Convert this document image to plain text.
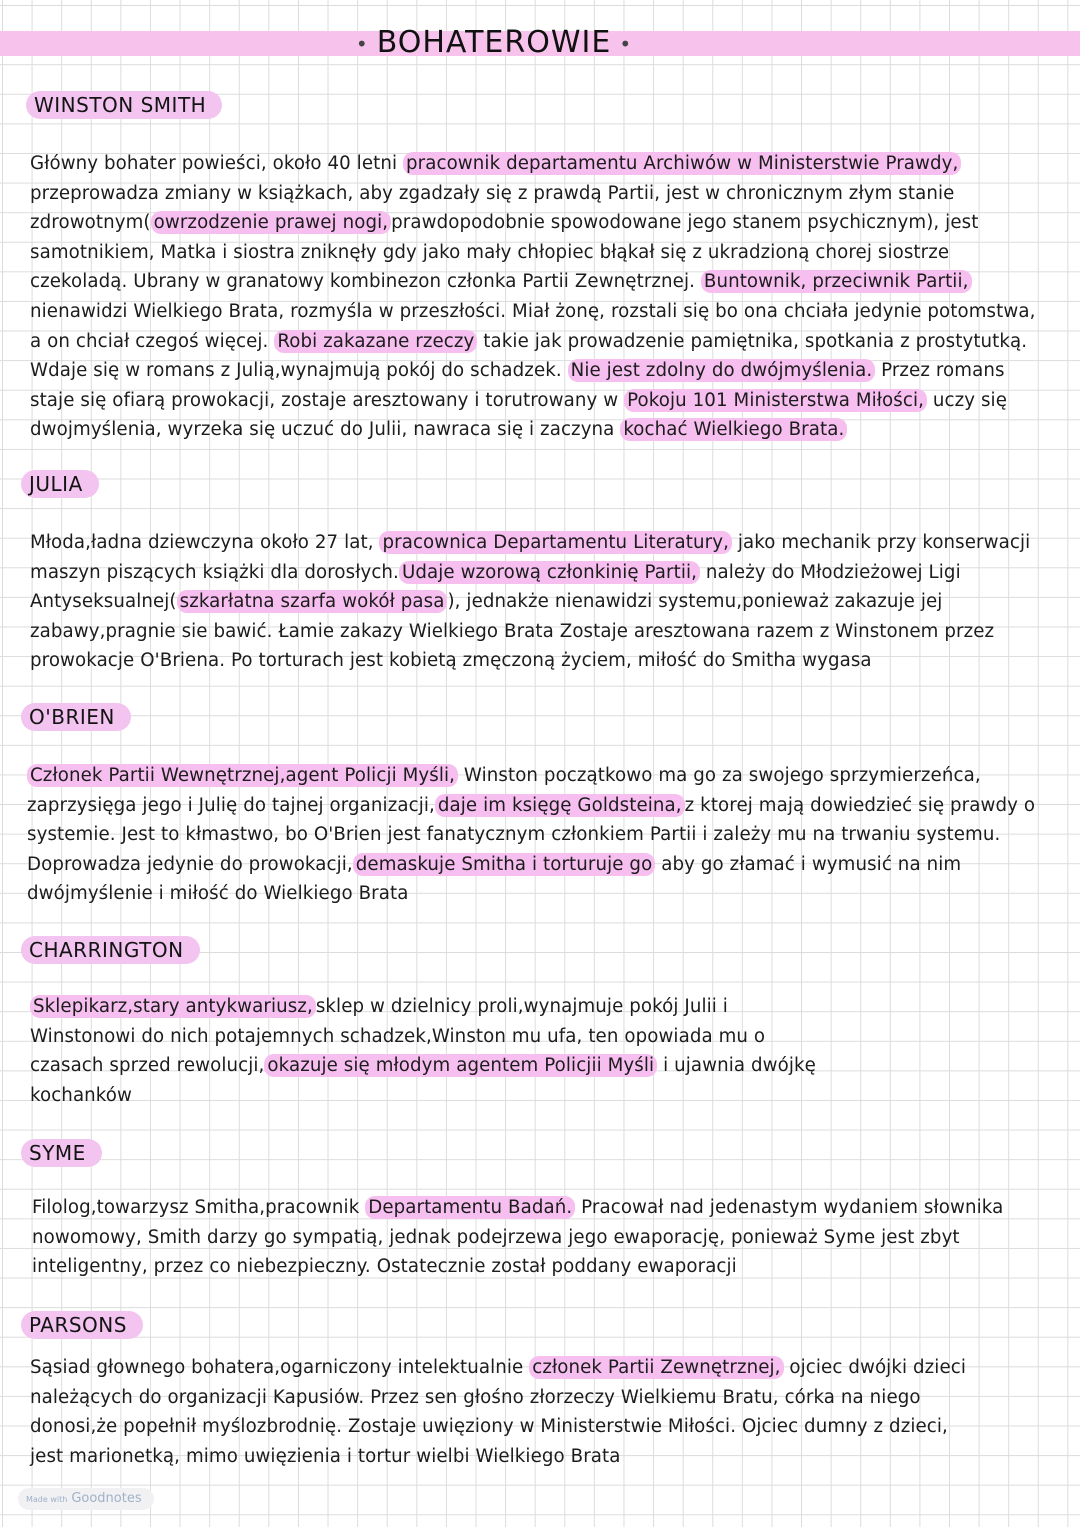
• BOHATEROWIE •
WINSTON SMITH
Główny bohater powieści, około 40 letni pracownik departamentu Archiwów w Ministerstwie Prawdy,
przeprowadza zmiany w książkach, aby zgadzały się z prawdą Partii, jest w chronicznym złym stanie
zdrowotnym( owrzodzenie prawej nogi, prawdopodobnie spowodowane jego stanem psychicznym), jest
samotnikiem, Matka i siostra zniknęły gdy jako mały chłopiec błąkał się z ukradzioną chorej siostrze
czekoladą. Ubrany w granatowy kombinezon członka Partii Zewnętrznej. Buntownik, przeciwnik Partii,
nienawidzi Wielkiego Brata, rozmyśla w przeszłości. Miał żonę, rozstali się bo ona chciała jedynie potomstwa,
a on chciał czegoś więcej. Robi zakazane rzeczy takie jak prowadzenie pamiętnika, spotkania z prostytutką.
Wdaje się w romans z Julią,wynajmują pokój do schadzek. Nie jest zdolny do dwójmyślenia. Przez romans
staje się ofiarą prowokacji, zostaje aresztowany i torutrowany w Pokoju 101 Ministerstwa Miłości, uczy się
dwojmyślenia, wyrzeka się uczuć do Julii, nawraca się i zaczyna kochać Wielkiego Brata.
JULIA
Młoda,ładna dziewczyna około 27 lat, pracownica Departamentu Literatury, jako mechanik przy konserwacji
maszyn piszących książki dla dorosłych. Udaje wzorową członkinię Partii, należy do Młodzieżowej Ligi
Antyseksualnej( szkarłatna szarfa wokół pasa ), jednakże nienawidzi systemu,ponieważ zakazuje jej
zabawy,pragnie sie bawić. Łamie zakazy Wielkiego Brata Zostaje aresztowana razem z Winstonem przez
prowokacje O'Briena. Po torturach jest kobietą zmęczoną życiem, miłość do Smitha wygasa
O'BRIEN
Członek Partii Wewnętrznej,agent Policji Myśli, Winston początkowo ma go za swojego sprzymierzeńca,
zaprzysięga jego i Julię do tajnej organizacji, daje im księgę Goldsteina, z ktorej mają dowiedzieć się prawdy o
systemie. Jest to kłmastwo, bo O'Brien jest fanatycznym członkiem Partii i zależy mu na trwaniu systemu.
Doprowadza jedynie do prowokacji, demaskuje Smitha i torturuje go aby go złamać i wymusić na nim
dwójmyślenie i miłość do Wielkiego Brata
CHARRINGTON
Sklepikarz,stary antykwariusz, sklep w dzielnicy proli,wynajmuje pokój Julii i
Winstonowi do nich potajemnych schadzek,Winston mu ufa, ten opowiada mu o
czasach sprzed rewolucji, okazuje się młodym agentem Policjii Myśli i ujawnia dwójkę
kochanków
SYME
Filolog,towarzysz Smitha,pracownik Departamentu Badań. Pracował nad jedenastym wydaniem słownika
nowomowy, Smith darzy go sympatią, jednak podejrzewa jego ewaporację, ponieważ Syme jest zbyt
inteligentny, przez co niebezpieczny. Ostatecznie został poddany ewaporacji
PARSONS
Sąsiad głownego bohatera,ogarniczony intelektualnie członek Partii Zewnętrznej, ojciec dwójki dzieci
należących do organizacji Kapusiów. Przez sen głośno złorzeczy Wielkiemu Bratu, córka na niego
donosi,że popełnił myślozbrodnię. Zostaje uwięziony w Ministerstwie Miłości. Ojciec dumny z dzieci,
jest marionetką, mimo uwięzienia i tortur wielbi Wielkiego Brata
Made with Goodnotes
